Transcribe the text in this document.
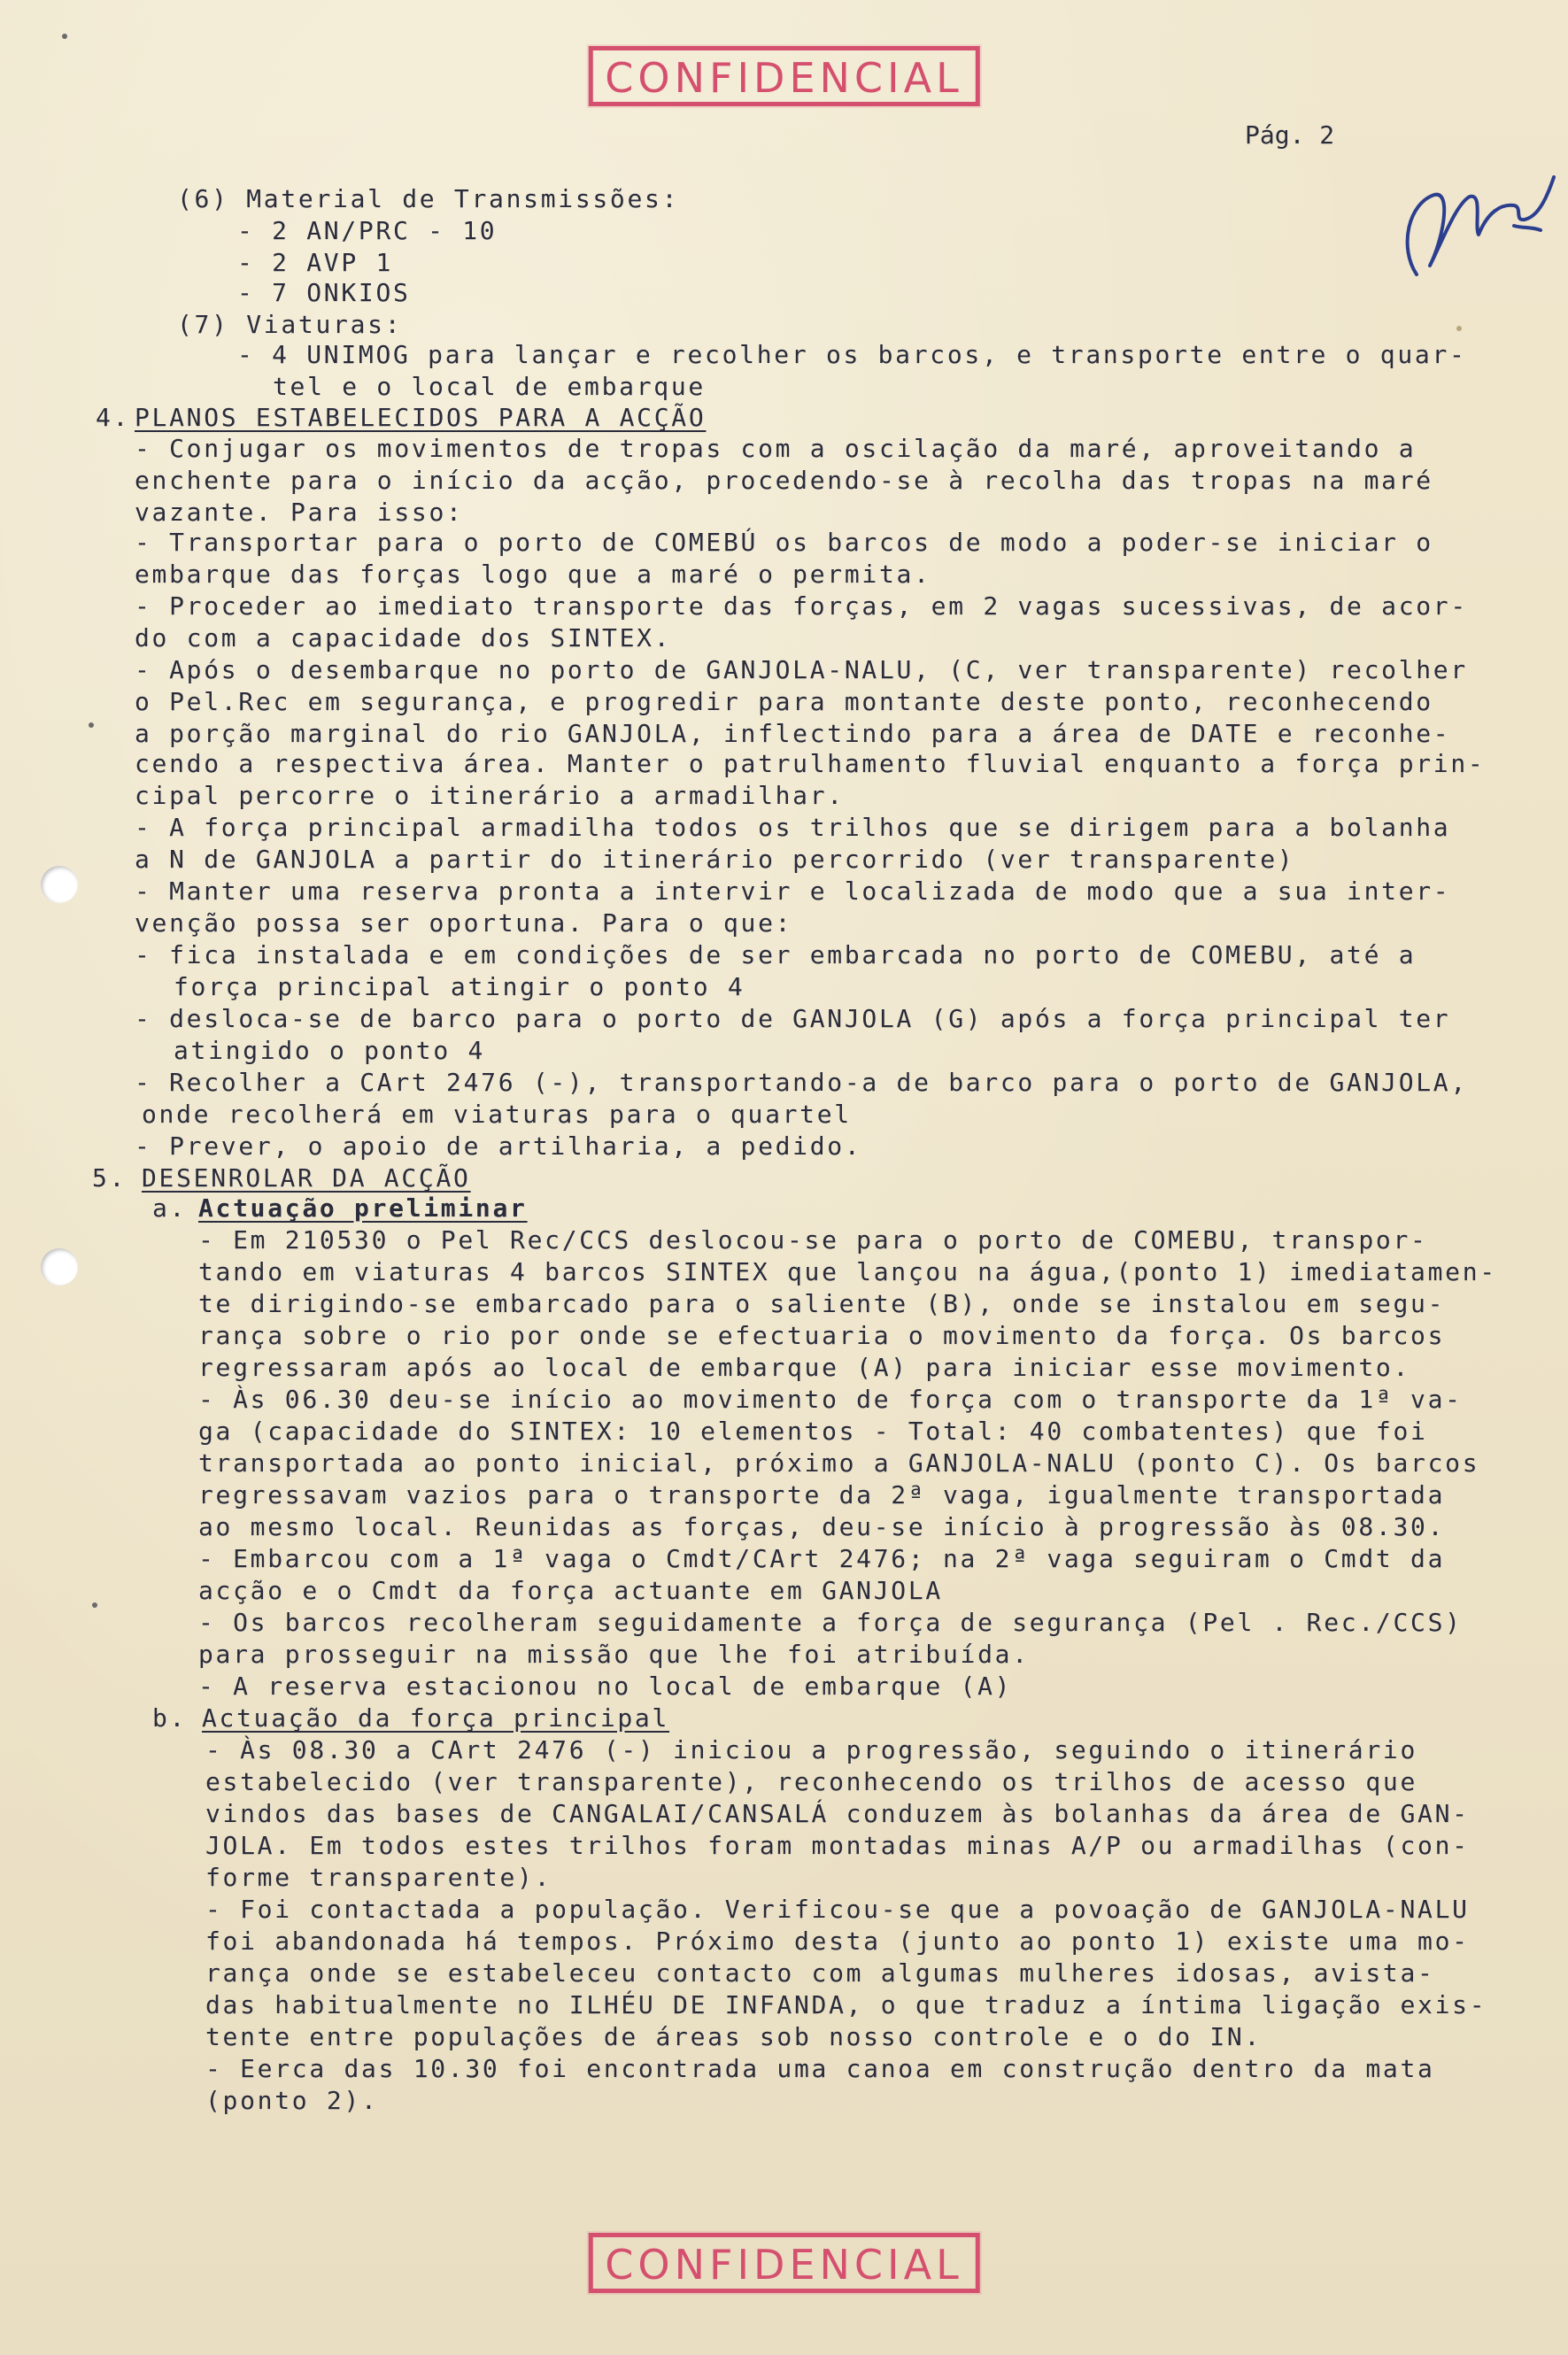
CONFIDENCIAL
Pág. 2
(6) Material de Transmissões:
- 2 AN/PRC - 10
- 2 AVP 1
- 7 ONKIOS
(7) Viaturas:
- 4 UNIMOG para lançar e recolher os barcos, e transporte entre o quar-
tel e o local de embarque
4. PLANOS ESTABELECIDOS PARA A ACÇÃO
- Conjugar os movimentos de tropas com a oscilação da maré, aproveitando a
enchente para o início da acção, procedendo-se à recolha das tropas na maré
vazante. Para isso:
- Transportar para o porto de COMEBÚ os barcos de modo a poder-se iniciar o
embarque das forças logo que a maré o permita.
- Proceder ao imediato transporte das forças, em 2 vagas sucessivas, de acor-
do com a capacidade dos SINTEX.
- Após o desembarque no porto de GANJOLA-NALU, (C, ver transparente) recolher
o Pel.Rec em segurança, e progredir para montante deste ponto, reconhecendo
a porção marginal do rio GANJOLA, inflectindo para a área de DATE e reconhe-
cendo a respectiva área. Manter o patrulhamento fluvial enquanto a força prin-
cipal percorre o itinerário a armadilhar.
- A força principal armadilha todos os trilhos que se dirigem para a bolanha
a N de GANJOLA a partir do itinerário percorrido (ver transparente)
- Manter uma reserva pronta a intervir e localizada de modo que a sua inter-
venção possa ser oportuna. Para o que:
- fica instalada e em condições de ser embarcada no porto de COMEBU, até a
força principal atingir o ponto 4
- desloca-se de barco para o porto de GANJOLA (G) após a força principal ter
atingido o ponto 4
- Recolher a CArt 2476 (-), transportando-a de barco para o porto de GANJOLA,
onde recolherá em viaturas para o quartel
- Prever, o apoio de artilharia, a pedido.
5. DESENROLAR DA ACÇÃO
a. Actuação preliminar
- Em 210530 o Pel Rec/CCS deslocou-se para o porto de COMEBU, transpor-
tando em viaturas 4 barcos SINTEX que lançou na água,(ponto 1) imediatamen-
te dirigindo-se embarcado para o saliente (B), onde se instalou em segu-
rança sobre o rio por onde se efectuaria o movimento da força. Os barcos
regressaram após ao local de embarque (A) para iniciar esse movimento.
- Às 06.30 deu-se início ao movimento de força com o transporte da 1ª va-
ga (capacidade do SINTEX: 10 elementos - Total: 40 combatentes) que foi
transportada ao ponto inicial, próximo a GANJOLA-NALU (ponto C). Os barcos
regressavam vazios para o transporte da 2ª vaga, igualmente transportada
ao mesmo local. Reunidas as forças, deu-se início à progressão às 08.30.
- Embarcou com a 1ª vaga o Cmdt/CArt 2476; na 2ª vaga seguiram o Cmdt da
acção e o Cmdt da força actuante em GANJOLA
- Os barcos recolheram seguidamente a força de segurança (Pel . Rec./CCS)
para prosseguir na missão que lhe foi atribuída.
- A reserva estacionou no local de embarque (A)
b. Actuação da força principal
- Às 08.30 a CArt 2476 (-) iniciou a progressão, seguindo o itinerário
estabelecido (ver transparente), reconhecendo os trilhos de acesso que
vindos das bases de CANGALAI/CANSALÁ conduzem às bolanhas da área de GAN-
JOLA. Em todos estes trilhos foram montadas minas A/P ou armadilhas (con-
forme transparente).
- Foi contactada a população. Verificou-se que a povoação de GANJOLA-NALU
foi abandonada há tempos. Próximo desta (junto ao ponto 1) existe uma mo-
rança onde se estabeleceu contacto com algumas mulheres idosas, avista-
das habitualmente no ILHÉU DE INFANDA, o que traduz a íntima ligação exis-
tente entre populações de áreas sob nosso controle e o do IN.
- Eerca das 10.30 foi encontrada uma canoa em construção dentro da mata
(ponto 2).
CONFIDENCIAL
